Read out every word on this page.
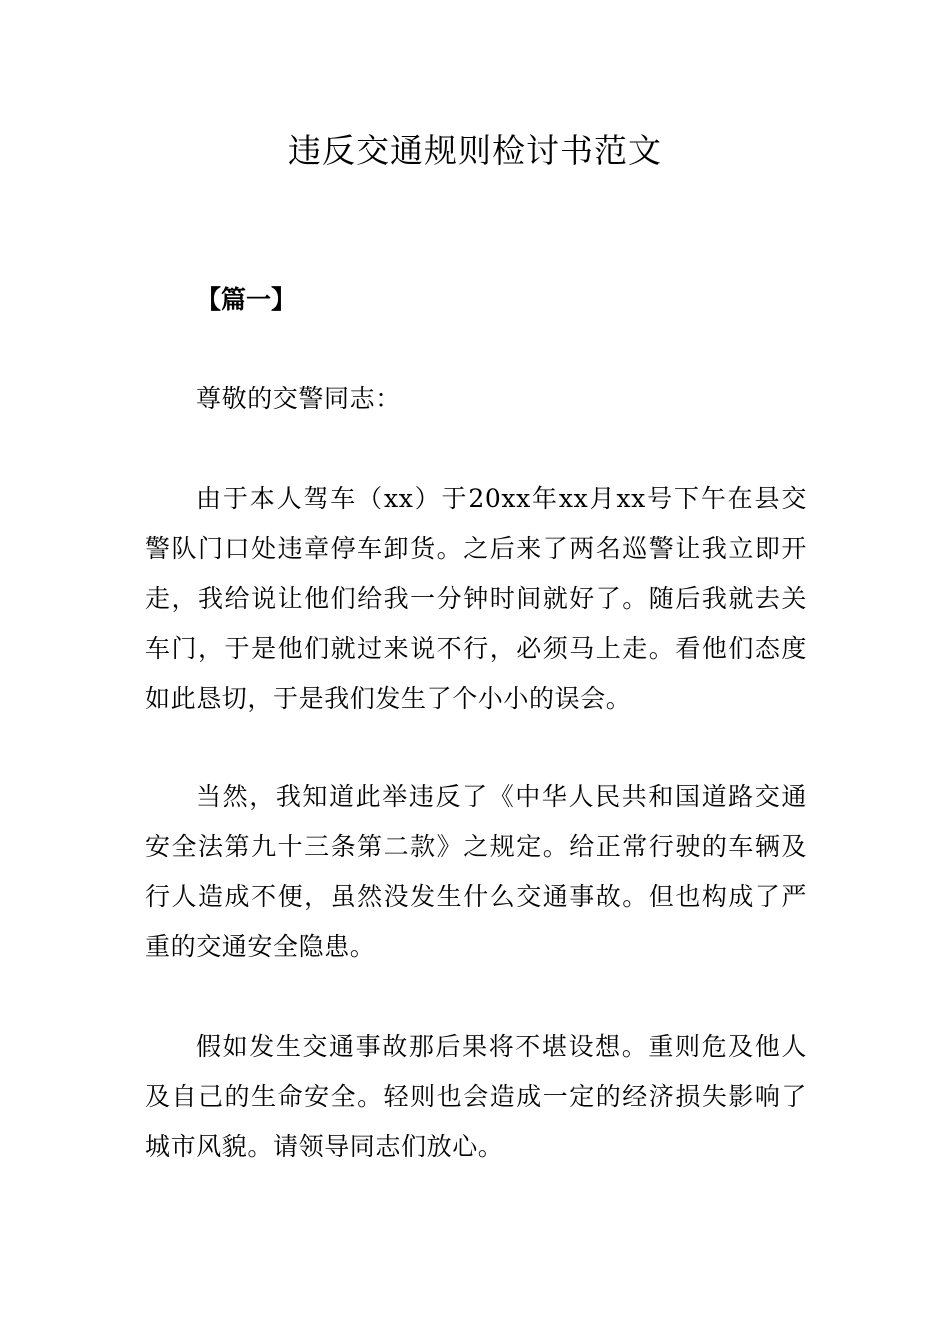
违反交通规则检讨书范文
【篇一】
尊敬的交警同志：

由于本人驾车（xx）于20xx年xx月xx号下午在县交警队门口处违章停车卸货。之后来了两名巡警让我立即开走，我给说让他们给我一分钟时间就好了。随后我就去关车门，于是他们就过来说不行，必须马上走。看他们态度如此恳切，于是我们发生了个小小的误会。

当然，我知道此举违反了《中华人民共和国道路交通安全法第九十三条第二款》之规定。给正常行驶的车辆及行人造成不便，虽然没发生什么交通事故。但也构成了严重的交通安全隐患。

假如发生交通事故那后果将不堪设想。重则危及他人及自己的生命安全。轻则也会造成一定的经济损失影响了城市风貌。请领导同志们放心。
